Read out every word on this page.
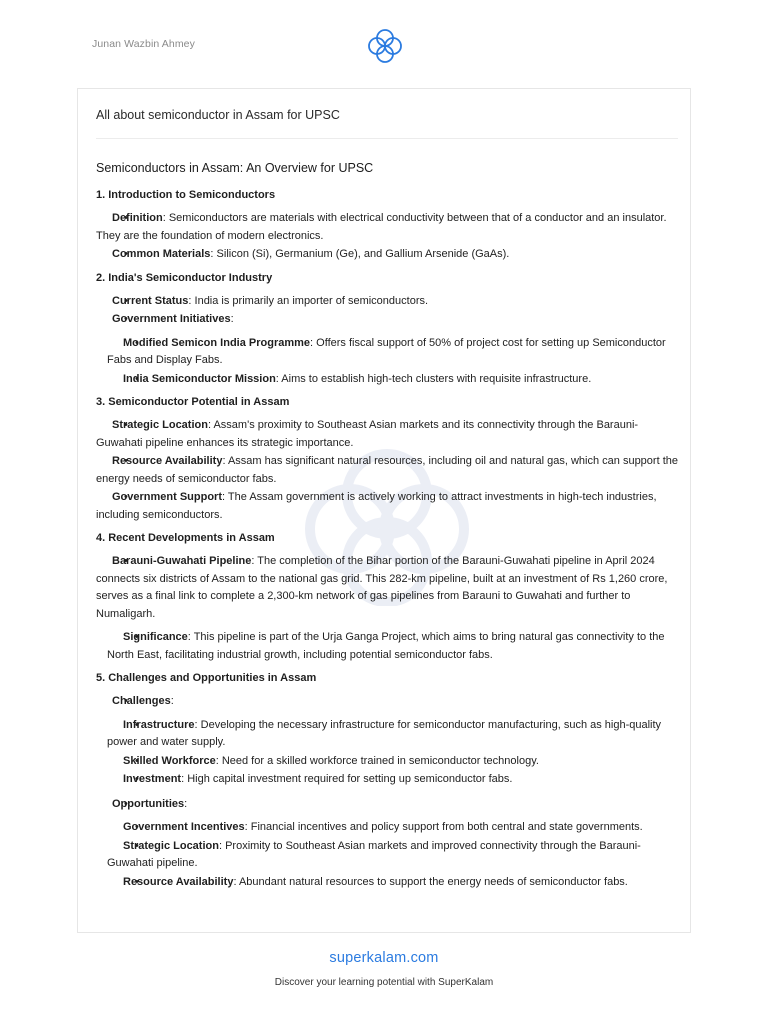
Junan Wazbin Ahmey
All about semiconductor in Assam for UPSC
Semiconductors in Assam: An Overview for UPSC
1. Introduction to Semiconductors
• Definition: Semiconductors are materials with electrical conductivity between that of a conductor and an insulator. They are the foundation of modern electronics.
• Common Materials: Silicon (Si), Germanium (Ge), and Gallium Arsenide (GaAs).
2. India's Semiconductor Industry
• Current Status: India is primarily an importer of semiconductors.
• Government Initiatives:
• Modified Semicon India Programme: Offers fiscal support of 50% of project cost for setting up Semiconductor Fabs and Display Fabs.
• India Semiconductor Mission: Aims to establish high-tech clusters with requisite infrastructure.
3. Semiconductor Potential in Assam
• Strategic Location: Assam's proximity to Southeast Asian markets and its connectivity through the Barauni-Guwahati pipeline enhances its strategic importance.
• Resource Availability: Assam has significant natural resources, including oil and natural gas, which can support the energy needs of semiconductor fabs.
• Government Support: The Assam government is actively working to attract investments in high-tech industries, including semiconductors.
4. Recent Developments in Assam
• Barauni-Guwahati Pipeline: The completion of the Bihar portion of the Barauni-Guwahati pipeline in April 2024 connects six districts of Assam to the national gas grid. This 282-km pipeline, built at an investment of Rs 1,260 crore, serves as a final link to complete a 2,300-km network of gas pipelines from Barauni to Guwahati and further to Numaligarh.
• Significance: This pipeline is part of the Urja Ganga Project, which aims to bring natural gas connectivity to the North East, facilitating industrial growth, including potential semiconductor fabs.
5. Challenges and Opportunities in Assam
• Challenges:
• Infrastructure: Developing the necessary infrastructure for semiconductor manufacturing, such as high-quality power and water supply.
• Skilled Workforce: Need for a skilled workforce trained in semiconductor technology.
• Investment: High capital investment required for setting up semiconductor fabs.
• Opportunities:
• Government Incentives: Financial incentives and policy support from both central and state governments.
• Strategic Location: Proximity to Southeast Asian markets and improved connectivity through the Barauni-Guwahati pipeline.
• Resource Availability: Abundant natural resources to support the energy needs of semiconductor fabs.
superkalam.com
Discover your learning potential with SuperKalam
